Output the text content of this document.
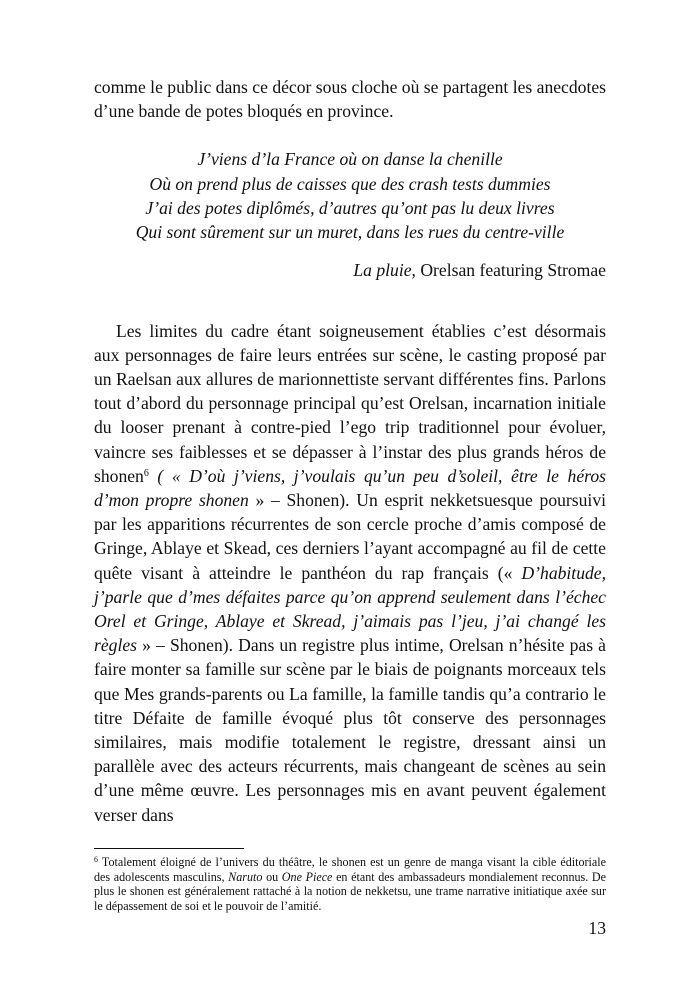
comme le public dans ce décor sous cloche où se partagent les anecdotes d’une bande de potes bloqués en province.

J’viens d’la France où on danse la chenille
Où on prend plus de caisses que des crash tests dummies
J’ai des potes diplômés, d’autres qu’ont pas lu deux livres
Qui sont sûrement sur un muret, dans les rues du centre-ville
La pluie, Orelsan featuring Stromae

Les limites du cadre étant soigneusement établies c’est désormais aux personnages de faire leurs entrées sur scène, le casting proposé par un Raelsan aux allures de marionnettiste servant différentes fins. Parlons tout d’abord du personnage principal qu’est Orelsan, incarnation initiale du looser prenant à contre-pied l’ego trip traditionnel pour évoluer, vaincre ses faiblesses et se dépasser à l’instar des plus grands héros de shonen$^6$ ( « D’où j’viens, j’voulais qu’un peu d’soleil, être le héros d’mon propre shonen » – Shonen). Un esprit nekketsuesque poursuivi par les apparitions récurrentes de son cercle proche d’amis composé de Gringe, Ablaye et Skead, ces derniers l’ayant accompagné au fil de cette quête visant à atteindre le panthéon du rap français (« D’habitude, j’parle que d’mes défaites parce qu’on apprend seulement dans l’échec Orel et Gringe, Ablaye et Skread, j’aimais pas l’jeu, j’ai changé les règles » – Shonen). Dans un registre plus intime, Orelsan n’hésite pas à faire monter sa famille sur scène par le biais de poignants morceaux tels que Mes grands-parents ou La famille, la famille tandis qu’a contrario le titre Défaite de famille évoqué plus tôt conserve des personnages similaires, mais modifie totalement le registre, dressant ainsi un parallèle avec des acteurs récurrents, mais changeant de scènes au sein d’une même œuvre. Les personnages mis en avant peuvent également verser dans

$^6$ Totalement éloigné de l’univers du théâtre, le shonen est un genre de manga visant la cible éditoriale des adolescents masculins, Naruto ou One Piece en étant des ambassadeurs mondialement reconnus. De plus le shonen est généralement rattaché à la notion de nekketsu, une trame narrative initiatique axée sur le dépassement de soi et le pouvoir de l’amitié.
13
